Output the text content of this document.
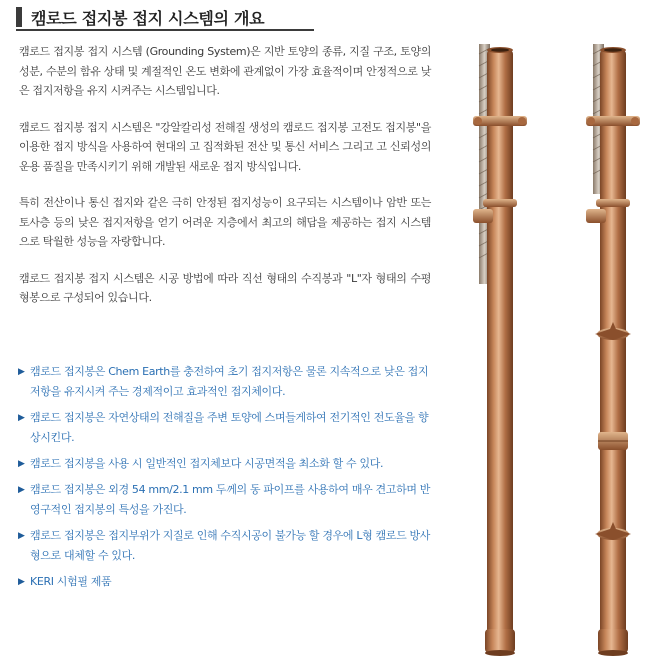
캠로드 접지봉 접지 시스템의 개요

캠로드 접지봉 접지 시스템 (Grounding System)은 지반 토양의 종류, 지질 구조, 토양의 성분, 수분의 함유 상태 및 계절적인 온도 변화에 관계없이 가장 효율적이며 안정적으로 낮은 접지저항을 유지 시켜주는 시스템입니다.

캠로드 접지봉 접지 시스템은 "강알칼리성 전해질 생성의 캠로드 접지봉 고전도 접지봉"을 이용한 접지 방식을 사용하여 현대의 고 집적화된 전산 및 통신 서비스 그리고 고 신뢰성의 운용 품질을 만족시키기 위해 개발된 새로운 접지 방식입니다.

특히 전산이나 통신 접지와 같은 극히 안정된 접지성능이 요구되는 시스템이나 암반 또는 토사층 등의 낮은 접지저항을 얻기 어려운 지층에서 최고의 해답을 제공하는 접지 시스템으로 탁월한 성능을 자랑합니다.

캠로드 접지봉 접지 시스템은 시공 방법에 따라 직선 형태의 수직봉과 "L"자 형태의 수평형봉으로 구성되어 있습니다.

▶ 캠로드 접지봉은 Chem Earth를 충전하여 초기 접지저항은 물론 지속적으로 낮은 접지저항을 유지시켜 주는 경제적이고 효과적인 접지체이다.
▶ 캠로드 접지봉은 자연상태의 전해질을 주변 토양에 스며들게하여 전기적인 전도율을 향상시킨다.
▶ 캠로드 접지봉을 사용 시 일반적인 접지체보다 시공면적을 최소화 할 수 있다.
▶ 캠로드 접지봉은 외경 54 mm/2.1 mm 두께의 동 파이프를 사용하여 매우 견고하며 반영구적인 접지봉의 특성을 가진다.
▶ 캠로드 접지봉은 접지부위가 지질로 인해 수직시공이 불가능 할 경우에 L형 캠로드 방사형으로 대체할 수 있다.
▶ KERI 시험필 제품
